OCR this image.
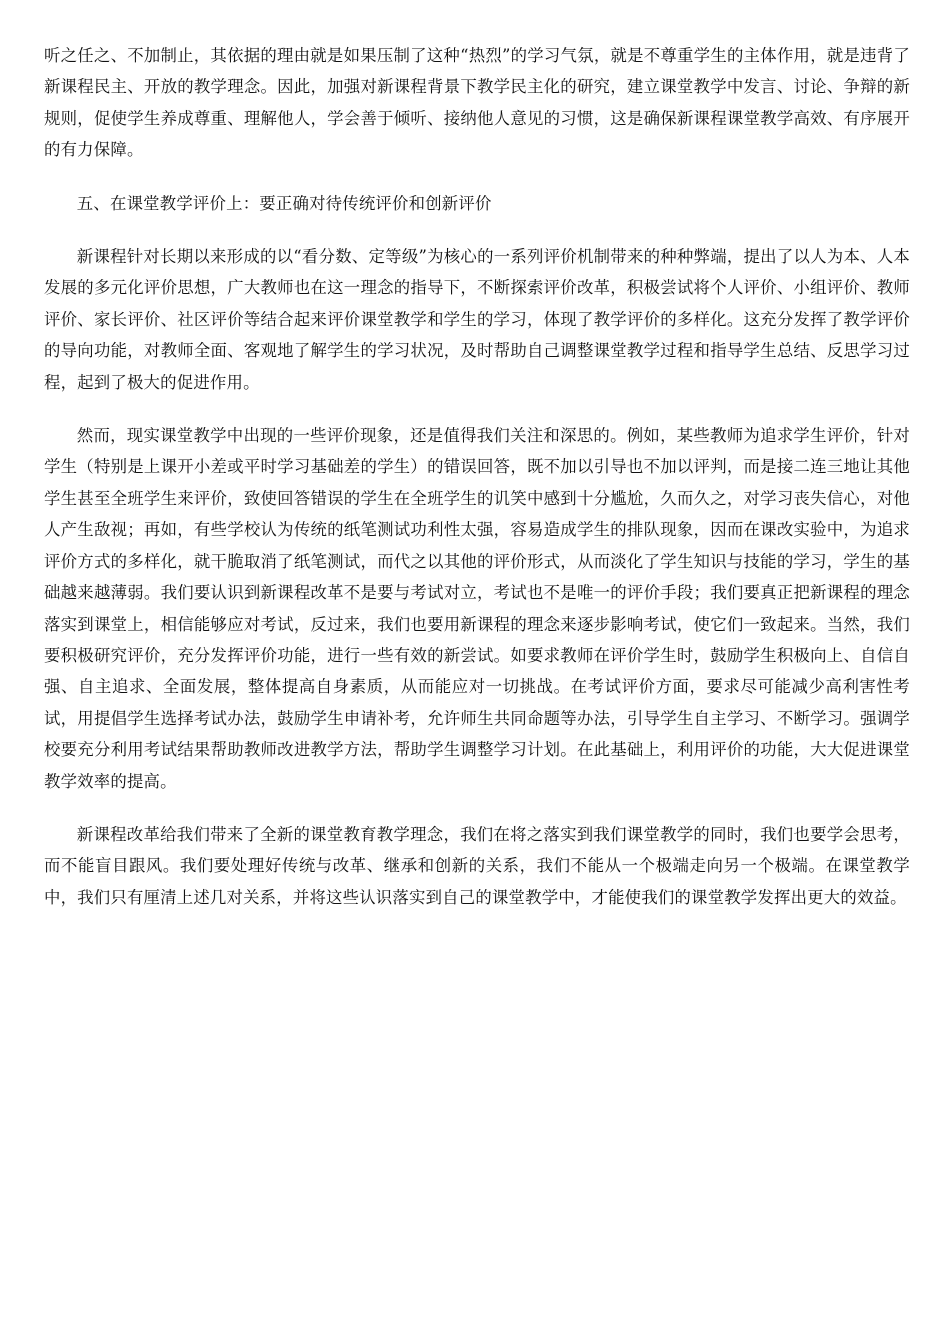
听之任之、不加制止，其依据的理由就是如果压制了这种“热烈”的学习气氛，就是不尊重学生的主体作用，就是违背了新课程民主、开放的教学理念。因此，加强对新课程背景下教学民主化的研究，建立课堂教学中发言、讨论、争辩的新规则，促使学生养成尊重、理解他人，学会善于倾听、接纳他人意见的习惯，这是确保新课程课堂教学高效、有序展开的有力保障。

五、在课堂教学评价上：要正确对待传统评价和创新评价

新课程针对长期以来形成的以“看分数、定等级”为核心的一系列评价机制带来的种种弊端，提出了以人为本、人本发展的多元化评价思想，广大教师也在这一理念的指导下，不断探索评价改革，积极尝试将个人评价、小组评价、教师评价、家长评价、社区评价等结合起来评价课堂教学和学生的学习，体现了教学评价的多样化。这充分发挥了教学评价的导向功能，对教师全面、客观地了解学生的学习状况，及时帮助自己调整课堂教学过程和指导学生总结、反思学习过程，起到了极大的促进作用。

然而，现实课堂教学中出现的一些评价现象，还是值得我们关注和深思的。例如，某些教师为追求学生评价，针对学生（特别是上课开小差或平时学习基础差的学生）的错误回答，既不加以引导也不加以评判，而是接二连三地让其他学生甚至全班学生来评价，致使回答错误的学生在全班学生的讥笑中感到十分尴尬，久而久之，对学习丧失信心，对他人产生敌视；再如，有些学校认为传统的纸笔测试功利性太强，容易造成学生的排队现象，因而在课改实验中，为追求评价方式的多样化，就干脆取消了纸笔测试，而代之以其他的评价形式，从而淡化了学生知识与技能的学习，学生的基础越来越薄弱。我们要认识到新课程改革不是要与考试对立，考试也不是唯一的评价手段；我们要真正把新课程的理念落实到课堂上，相信能够应对考试，反过来，我们也要用新课程的理念来逐步影响考试，使它们一致起来。当然，我们要积极研究评价，充分发挥评价功能，进行一些有效的新尝试。如要求教师在评价学生时，鼓励学生积极向上、自信自强、自主追求、全面发展，整体提高自身素质，从而能应对一切挑战。在考试评价方面，要求尽可能减少高利害性考试，用提倡学生选择考试办法，鼓励学生申请补考，允许师生共同命题等办法，引导学生自主学习、不断学习。强调学校要充分利用考试结果帮助教师改进教学方法，帮助学生调整学习计划。在此基础上，利用评价的功能，大大促进课堂教学效率的提高。

新课程改革给我们带来了全新的课堂教育教学理念，我们在将之落实到我们课堂教学的同时，我们也要学会思考，而不能盲目跟风。我们要处理好传统与改革、继承和创新的关系，我们不能从一个极端走向另一个极端。在课堂教学中，我们只有厘清上述几对关系，并将这些认识落实到自己的课堂教学中，才能使我们的课堂教学发挥出更大的效益。
